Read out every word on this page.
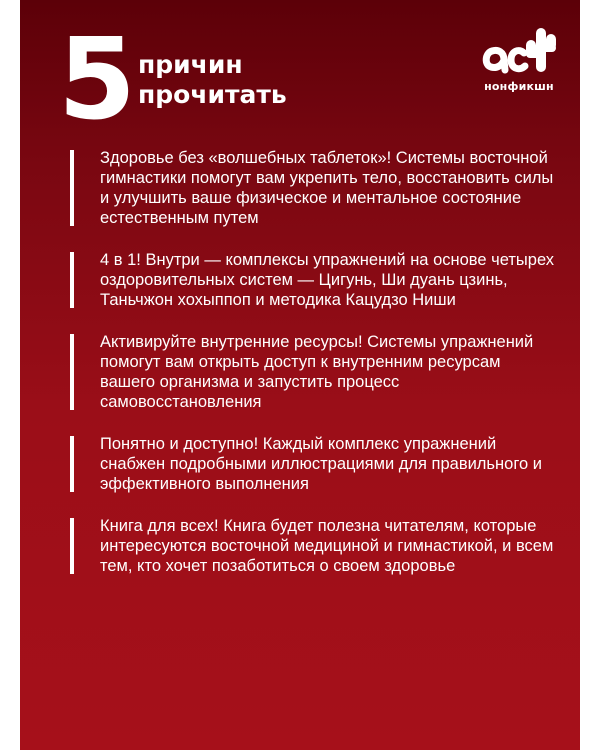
5 причин
прочитать	нонфикшн

Здоровье без «волшебных таблеток»! Системы восточной гимнастики помогут вам укрепить тело, восстановить силы и улучшить ваше физическое и ментальное состояние естественным путем

4 в 1! Внутри — комплексы упражнений на основе четырех оздоровительных систем — Цигунь, Ши дуань цзинь, Таньчжон хохыппоп и методика Кацудзо Ниши

Активируйте внутренние ресурсы! Системы упражнений помогут вам открыть доступ к внутренним ресурсам вашего организма и запустить процесс самовосстановления

Понятно и доступно! Каждый комплекс упражнений снабжен подробными иллюстрациями для правильного и эффективного выполнения

Книга для всех! Книга будет полезна читателям, которые интересуются восточной медициной и гимнастикой, и всем тем, кто хочет позаботиться о своем здоровье
